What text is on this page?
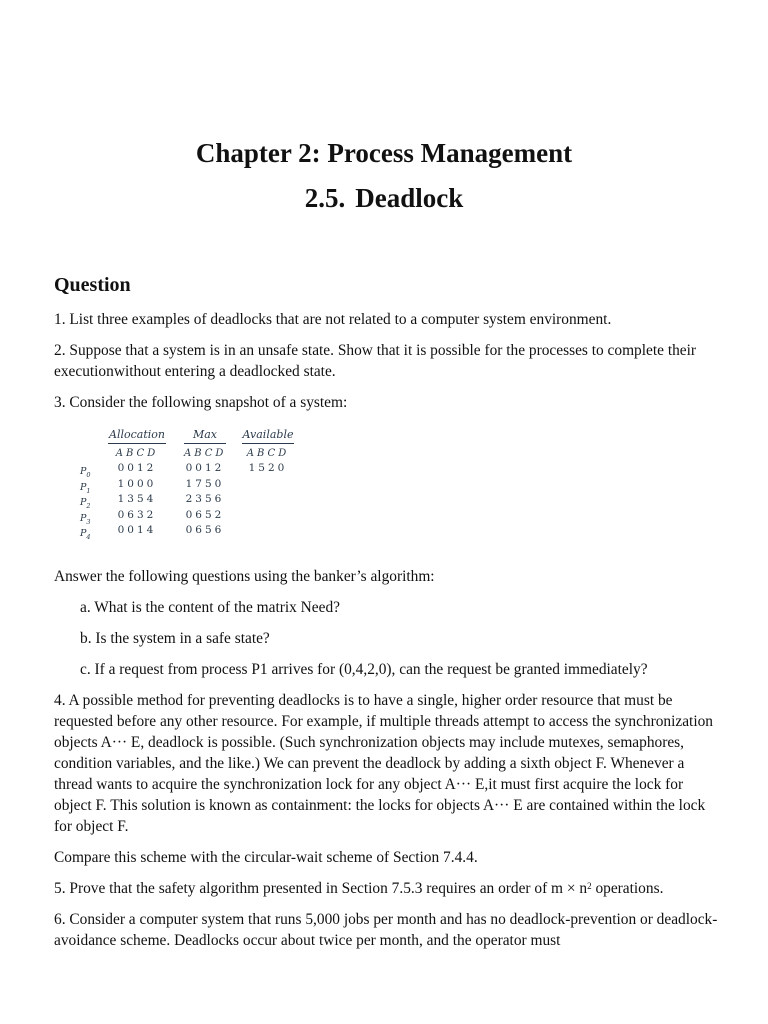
Chapter 2: Process Management
2.5. Deadlock
Question
1. List three examples of deadlocks that are not related to a computer system environment.
2. Suppose that a system is in an unsafe state. Show that it is possible for the processes to complete their executionwithout entering a deadlocked state.
3. Consider the following snapshot of a system:
Allocation
ABCD
0012
1000
1354
0632
0014
Max
ABCD
0012
1750
2356
0652
0656
Available
ABCD
1520
$P_0$
$P_1$
$P_2$
$P_3$
$P_4$
Answer the following questions using the banker’s algorithm:
a. What is the content of the matrix Need?
b. Is the system in a safe state?
c. If a request from process P1 arrives for (0,4,2,0), can the request be granted immediately?
4. A possible method for preventing deadlocks is to have a single, higher order resource that must be requested before any other resource. For example, if multiple threads attempt to access the synchronization objects A··· E, deadlock is possible. (Such synchronization objects may include mutexes, semaphores, condition variables, and the like.) We can prevent the deadlock by adding a sixth object F. Whenever a thread wants to acquire the synchronization lock for any object A··· E,it must first acquire the lock for object F. This solution is known as containment: the locks for objects A··· E are contained within the lock for object F.
Compare this scheme with the circular-wait scheme of Section 7.4.4.
5. Prove that the safety algorithm presented in Section 7.5.3 requires an order of $m \times n^2$ operations.
6. Consider a computer system that runs 5,000 jobs per month and has no deadlock-prevention or deadlock-avoidance scheme. Deadlocks occur about twice per month, and the operator must
